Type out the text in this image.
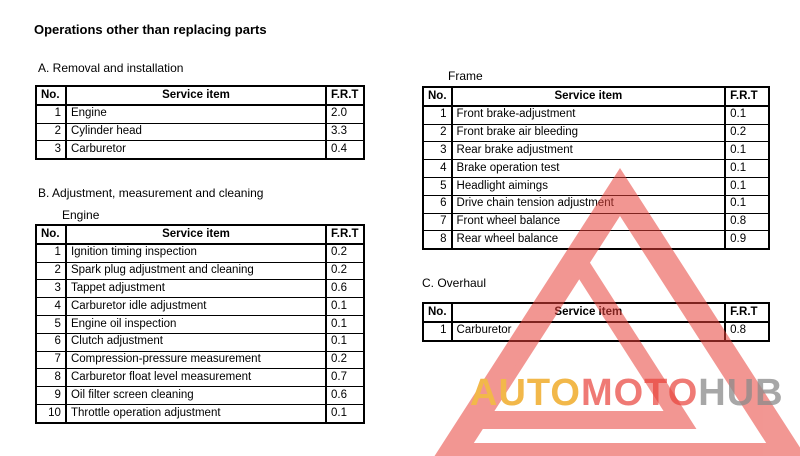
Operations other than replacing parts
A. Removal and installation
No.	Service item	F.R.T
1	Engine	2.0
2	Cylinder head	3.3
3	Carburetor	0.4
B. Adjustment, measurement and cleaning
Engine
No.	Service item	F.R.T
1	Ignition timing inspection	0.2
2	Spark plug adjustment and cleaning	0.2
3	Tappet adjustment	0.6
4	Carburetor idle adjustment	0.1
5	Engine oil inspection	0.1
6	Clutch adjustment	0.1
7	Compression-pressure measurement	0.2
8	Carburetor float level measurement	0.7
9	Oil filter screen cleaning	0.6
10	Throttle operation adjustment	0.1
Frame
No.	Service item	F.R.T
1	Front brake-adjustment	0.1
2	Front brake air bleeding	0.2
3	Rear brake adjustment	0.1
4	Brake operation test	0.1
5	Headlight aimings	0.1
6	Drive chain tension adjustment	0.1
7	Front wheel balance	0.8
8	Rear wheel balance	0.9
C. Overhaul
No.	Service item	F.R.T
1	Carburetor	0.8
AUTOMOTOHUB
